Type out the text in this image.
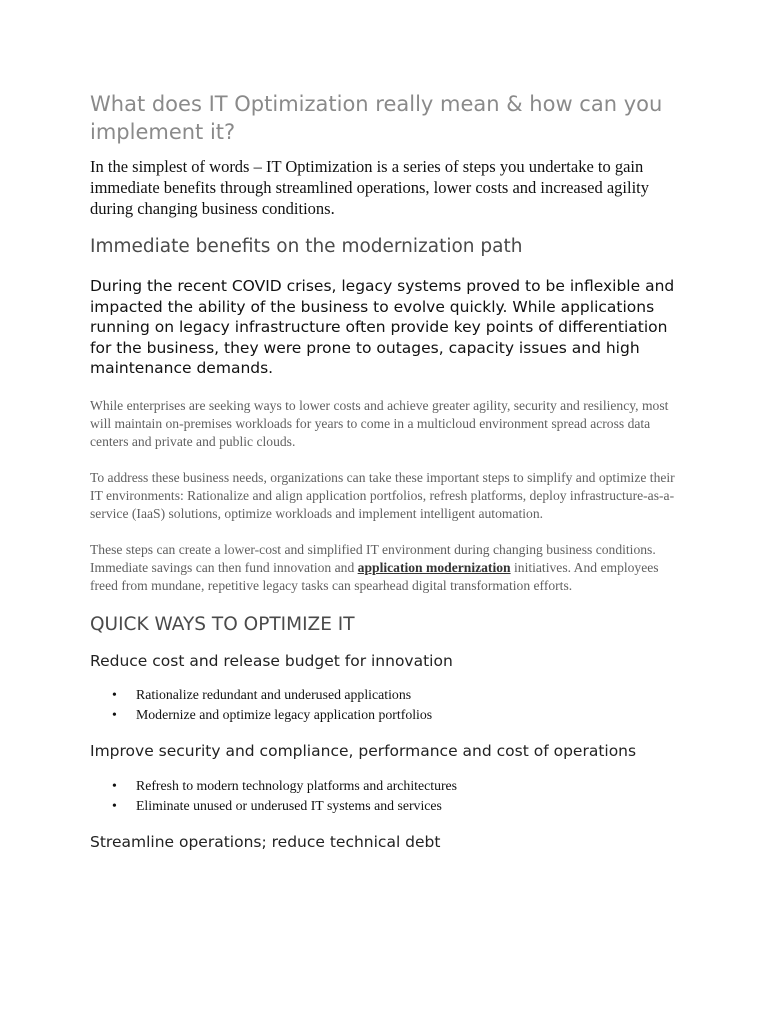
What does IT Optimization really mean & how can you implement it?

In the simplest of words – IT Optimization is a series of steps you undertake to gain immediate benefits through streamlined operations, lower costs and increased agility during changing business conditions.

Immediate benefits on the modernization path

During the recent COVID crises, legacy systems proved to be inflexible and impacted the ability of the business to evolve quickly. While applications running on legacy infrastructure often provide key points of differentiation for the business, they were prone to outages, capacity issues and high maintenance demands.

While enterprises are seeking ways to lower costs and achieve greater agility, security and resiliency, most will maintain on-premises workloads for years to come in a multicloud environment spread across data centers and private and public clouds.

To address these business needs, organizations can take these important steps to simplify and optimize their IT environments: Rationalize and align application portfolios, refresh platforms, deploy infrastructure-as-a-service (IaaS) solutions, optimize workloads and implement intelligent automation.

These steps can create a lower-cost and simplified IT environment during changing business conditions. Immediate savings can then fund innovation and application modernization initiatives. And employees freed from mundane, repetitive legacy tasks can spearhead digital transformation efforts.

QUICK WAYS TO OPTIMIZE IT
Reduce cost and release budget for innovation
• Rationalize redundant and underused applications
• Modernize and optimize legacy application portfolios
Improve security and compliance, performance and cost of operations
• Refresh to modern technology platforms and architectures
• Eliminate unused or underused IT systems and services
Streamline operations; reduce technical debt
